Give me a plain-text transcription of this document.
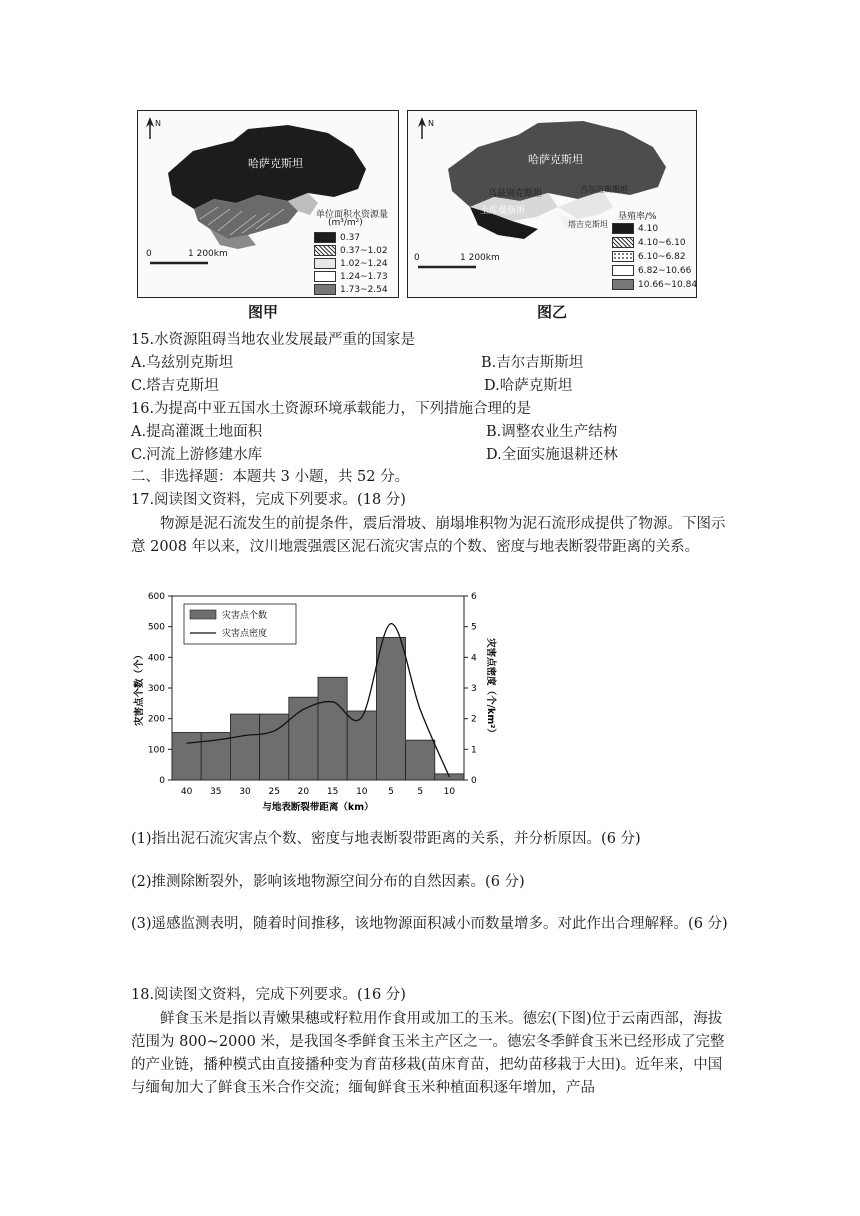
哈萨克斯坦
N
0	1 200km
单位面积水资源量
(m³/m²)
0.37
0.37~1.02
1.02~1.24
1.24~1.73
1.73~2.54
图甲
哈萨克斯坦
乌兹别克斯坦
土库曼斯坦
吉尔吉斯斯坦
塔吉克斯坦
N
0	1 200km
垦殖率/%
4.10
4.10~6.10
6.10~6.82
6.82~10.66
10.66~10.84
图乙
15.水资源阻碍当地农业发展最严重的国家是
A.乌兹别克斯坦	B.吉尔吉斯斯坦
C.塔吉克斯坦	D.哈萨克斯坦
16.为提高中亚五国水土资源环境承载能力，下列措施合理的是
A.提高灌溉土地面积	B.调整农业生产结构
C.河流上游修建水库	D.全面实施退耕还林
二、非选择题：本题共 3 小题，共 52 分。
17.阅读图文资料，完成下列要求。(18 分)
物源是泥石流发生的前提条件，震后滑坡、崩塌堆积物为泥石流形成提供了物源。下图示意 2008 年以来，汶川地震强震区泥石流灾害点的个数、密度与地表断裂带距离的关系。
0
100
200
300
400
500
600
0
1
2
3
4
5
6
40 35 30 25 20 15 10 5	5 10
与地表断裂带距离（km）
灾害点个数（个）	灾害点密度（个/km²）
灾害点个数
灾害点密度
(1)指出泥石流灾害点个数、密度与地表断裂带距离的关系，并分析原因。(6 分)
(2)推测除断裂外，影响该地物源空间分布的自然因素。(6 分)
(3)遥感监测表明，随着时间推移，该地物源面积减小而数量增多。对此作出合理解释。(6 分)
18.阅读图文资料，完成下列要求。(16 分)
鲜食玉米是指以青嫩果穗或籽粒用作食用或加工的玉米。德宏(下图)位于云南西部，海拔范围为 800~2000 米，是我国冬季鲜食玉米主产区之一。德宏冬季鲜食玉米已经形成了完整的产业链，播种模式由直接播种变为育苗移栽(苗床育苗，把幼苗移栽于大田)。近年来，中国与缅甸加大了鲜食玉米合作交流；缅甸鲜食玉米种植面积逐年增加，产品
